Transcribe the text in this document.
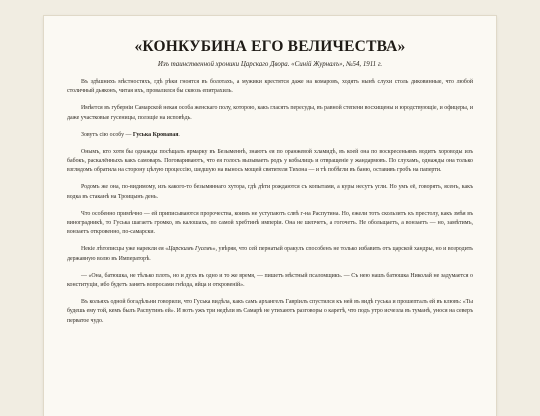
«КОНКУБИНА ЕГО ВЕЛИЧЕСТВА»
Изъ таинственной хроники Царскаго Двора. «Синій Журналъ», №54, 1911 г.

Въ здѣшнихъ мѣстностяхъ, гдѣ рѣки гноятся въ болотахъ, а мужики крестятся даже на комаровъ, ходятъ нынѣ слухи столь диковинные, что любой столичный дьяконъ, читая ихъ, провалился бы сквозь епитрахиль.

Имѣется въ губерніи Самарской некая особа женскаго полу, которою, какъ гласятъ пересуды, въ равной степени восхищены и юродствующіе, и офицеры, и даже участковые гусеницы, полэщіе на исповѣдь.

Зовутъ сію особу — Гуська Кровавая.

Онымъ, кто хотя бы однажды посѣщалъ ярмарку въ Безыменнѣ, знаютъ ея по оранжевой хламидѣ, въ коей она по воскресеньямъ водитъ хороводы изъ бабокъ, раскалённыхъ какъ самоваръ. Поговариваютъ, что ея голосъ вызываетъ родъ у кобылицъ и отвращеніе у жандармовъ. По слухамъ, однажды она только взглядомъ обратила на сторону цѣлую процессію, шедшую на вынось мощей святителя Тихона — и тѣ побѣгли въ баню, оставивъ гробъ на паперти.

Родомъ же она, по-видимому, изъ какого-то безымяннаго хутора, гдѣ дѣти рождаются съ копытами, а куры несутъ угли. Но умъ её, говорятъ, ясенъ, какъ водка въ стаканѣ на Троицынъ день.

Что особенно примѣчно — ей приписываются пророчества, коимъ не уступаютъ слвѣ г-на Распутина. Но, ежели тотъ скользитъ къ престолу, какъ змѣя въ виноградникѣ, то Гуська шагаетъ громко, въ калошахъ, по самой хребтинѣ имперіи. Она не шепчетъ, а гогочетъ. Не обольщаетъ, а вонзаетъ — но, замѣтимъ, вонзаетъ откровенно, по-самарски.

Некіе лѣтописцы уже нарекли ея «Царскимъ Гусемъ», увѣряя, что сей пернатый оракулъ способенъ не только избавить отъ царской хандры, но и возродить державную волю въ Императорѣ.

— «Она, батюшка, не тѣлько плоть, но и духъ въ одно и то же время, — пишетъ мѣстный псаломщикъ. — Съ нею нашъ батюшка Николай не задумается о конституціи, ибо будетъ занятъ вопросами гнѣзда, яйца и откровеній».

Въ кольяхъ одной богадѣльни говорили, что Гуська видѣла, какъ самъ архангелъ Гавріилъ спустился къ ней въ видѣ гуськa и прошепталъ ей въ клювъ: «Ты будешь ему той, кемъ былъ Распутинъ ей». И вотъ ужъ три недѣли въ Самарѣ не утихаютъ разговоры о каретѣ, что подъ утро исчезла въ туманѣ, унося на северъ перватое чудо.
